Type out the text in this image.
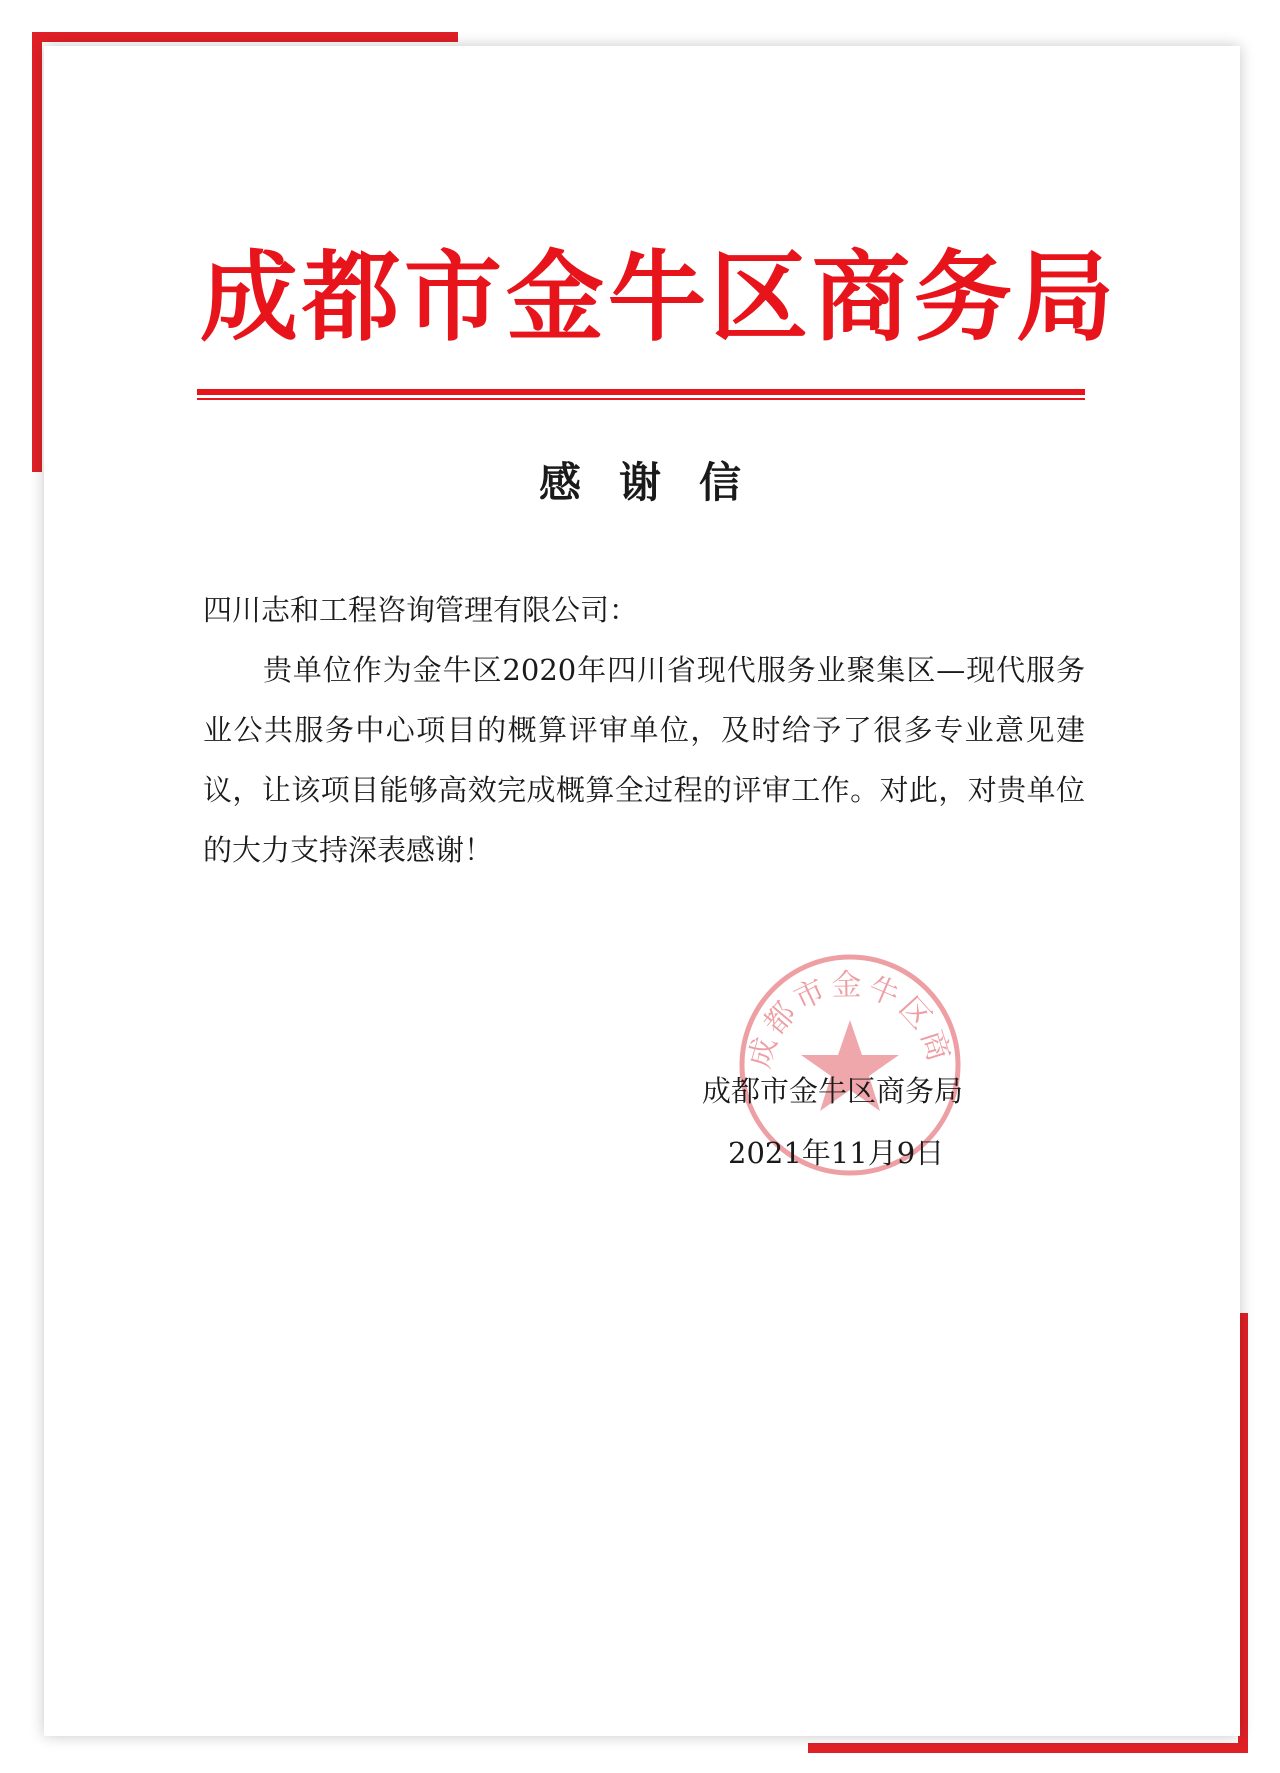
成都市金牛区商务局
感谢信

四川志和工程咨询管理有限公司：

贵单位作为金牛区2020年四川省现代服务业聚集区—现代服务业公共服务中心项目的概算评审单位，及时给予了很多专业意见建议，让该项目能够高效完成概算全过程的评审工作。对此，对贵单位的大力支持深表感谢！

成都市金牛区商

成都市金牛区商务局

2021年11月9日
